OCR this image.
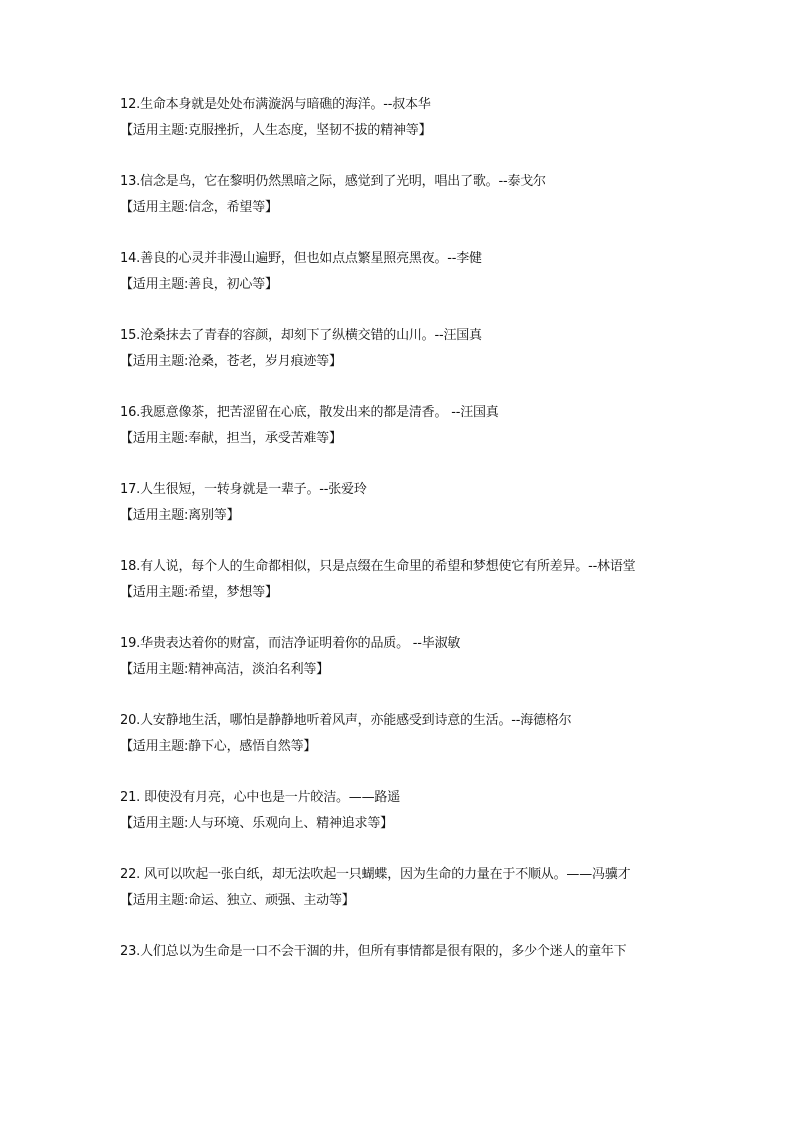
12.生命本身就是处处布满漩涡与暗礁的海洋。--叔本华
【适用主题:克服挫折，人生态度，坚韧不拔的精神等】
13.信念是鸟，它在黎明仍然黑暗之际，感觉到了光明，唱出了歌。--泰戈尔
【适用主题:信念，希望等】
14.善良的心灵并非漫山遍野，但也如点点繁星照亮黑夜。--李健
【适用主题:善良，初心等】
15.沧桑抹去了青春的容颜，却刻下了纵横交错的山川。--汪国真
【适用主题:沧桑，苍老，岁月痕迹等】
16.我愿意像茶，把苦涩留在心底，散发出来的都是清香。 --汪国真
【适用主题:奉献，担当，承受苦难等】
17.人生很短，一转身就是一辈子。--张爱玲
【适用主题:离别等】
18.有人说，每个人的生命都相似，只是点缀在生命里的希望和梦想使它有所差异。--林语堂
【适用主题:希望，梦想等】
19.华贵表达着你的财富，而洁净证明着你的品质。 --毕淑敏
【适用主题:精神高洁，淡泊名利等】
20.人安静地生活，哪怕是静静地听着风声，亦能感受到诗意的生活。--海德格尔
【适用主题:静下心，感悟自然等】
21. 即使没有月亮，心中也是一片皎洁。——路遥
【适用主题:人与环境、乐观向上、精神追求等】
22. 风可以吹起一张白纸，却无法吹起一只蝴蝶，因为生命的力量在于不顺从。——冯骥才
【适用主题:命运、独立、顽强、主动等】
23.人们总以为生命是一口不会干涸的井，但所有事情都是很有限的，多少个迷人的童年下
